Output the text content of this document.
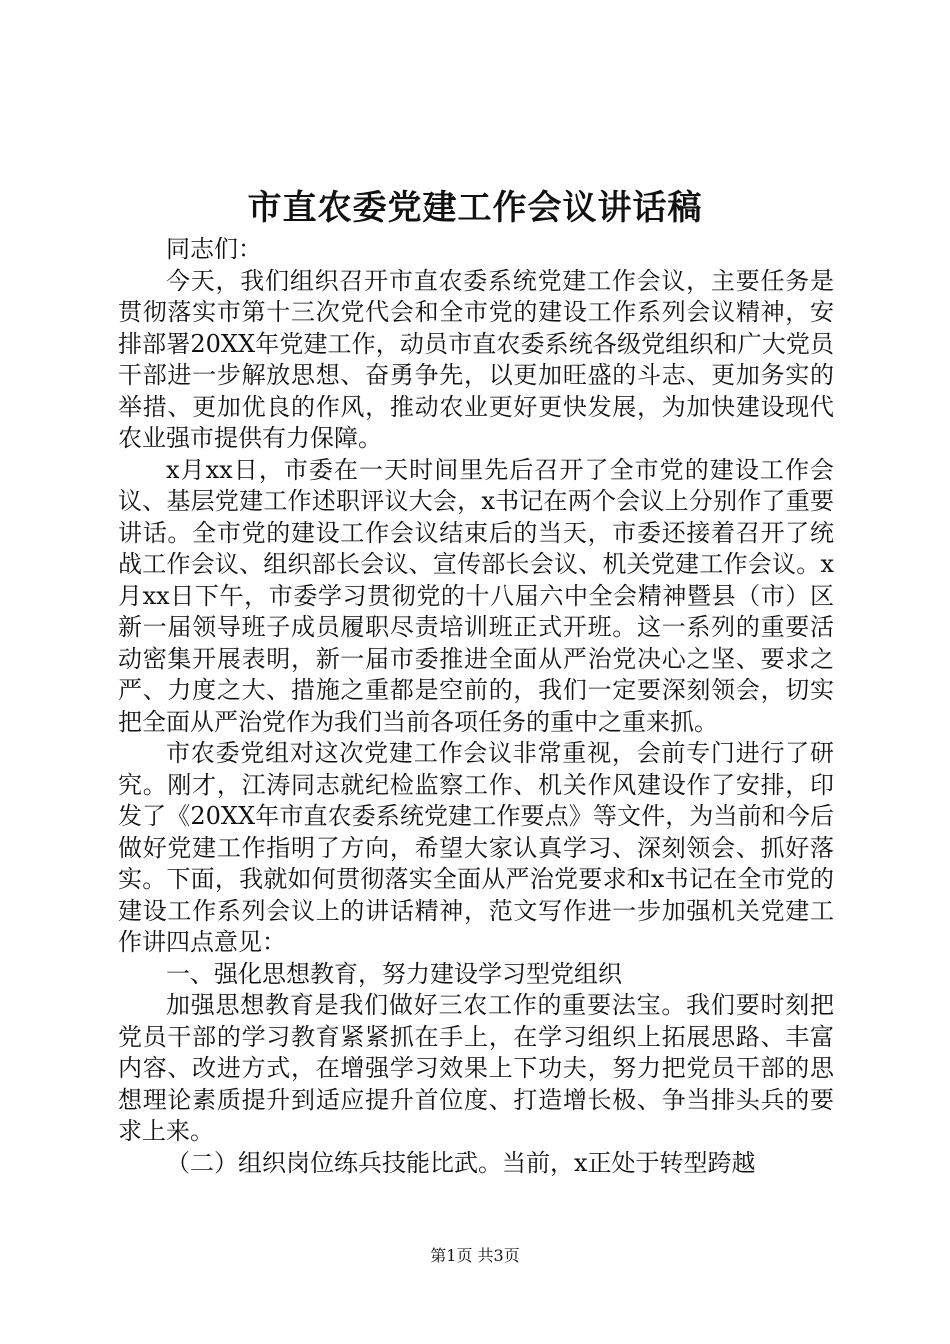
市直农委党建工作会议讲话稿

同志们：

今天，我们组织召开市直农委系统党建工作会议，主要任务是贯彻落实市第十三次党代会和全市党的建设工作系列会议精神，安排部署20XX年党建工作，动员市直农委系统各级党组织和广大党员干部进一步解放思想、奋勇争先，以更加旺盛的斗志、更加务实的举措、更加优良的作风，推动农业更好更快发展，为加快建设现代农业强市提供有力保障。

x月xx日，市委在一天时间里先后召开了全市党的建设工作会议、基层党建工作述职评议大会，x书记在两个会议上分别作了重要讲话。全市党的建设工作会议结束后的当天，市委还接着召开了统战工作会议、组织部长会议、宣传部长会议、机关党建工作会议。x月xx日下午，市委学习贯彻党的十八届六中全会精神暨县（市）区新一届领导班子成员履职尽责培训班正式开班。这一系列的重要活动密集开展表明，新一届市委推进全面从严治党决心之坚、要求之严、力度之大、措施之重都是空前的，我们一定要深刻领会，切实把全面从严治党作为我们当前各项任务的重中之重来抓。

市农委党组对这次党建工作会议非常重视，会前专门进行了研究。刚才，江涛同志就纪检监察工作、机关作风建设作了安排，印发了《20XX年市直农委系统党建工作要点》等文件，为当前和今后做好党建工作指明了方向，希望大家认真学习、深刻领会、抓好落实。下面，我就如何贯彻落实全面从严治党要求和x书记在全市党的建设工作系列会议上的讲话精神，范文写作进一步加强机关党建工作讲四点意见：

一、强化思想教育，努力建设学习型党组织

加强思想教育是我们做好三农工作的重要法宝。我们要时刻把党员干部的学习教育紧紧抓在手上，在学习组织上拓展思路、丰富内容、改进方式，在增强学习效果上下功夫，努力把党员干部的思想理论素质提升到适应提升首位度、打造增长极、争当排头兵的要求上来。

（二）组织岗位练兵技能比武。当前，x正处于转型跨越

第1页 共3页
